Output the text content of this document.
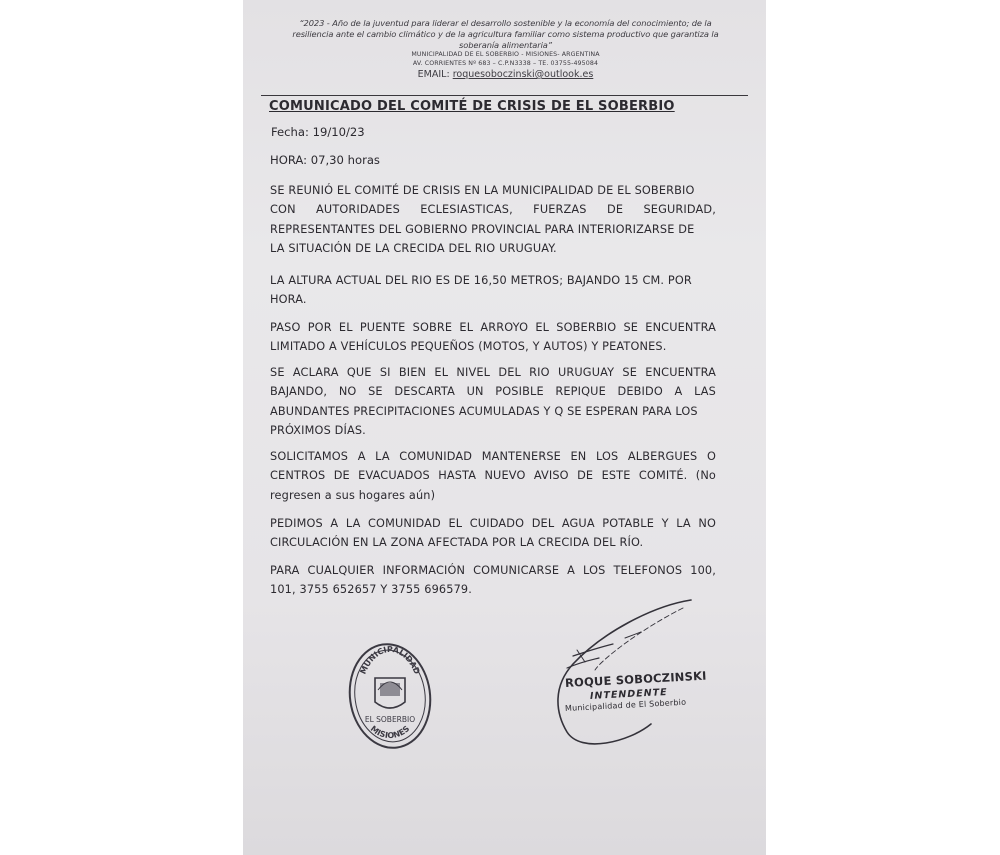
“2023 - Año de la juventud para liderar el desarrollo sostenible y la economía del conocimiento; de la
resiliencia ante el cambio climático y de la agricultura familiar como sistema productivo que garantiza la
soberanía alimentaria”
MUNICIPALIDAD DE EL SOBERBIO - MISIONES- ARGENTINA
AV. CORRIENTES Nº 683 – C.P.N3338 – TE. 03755-495084
EMAIL: roquesoboczinski@outlook.es
COMUNICADO DEL COMITÉ DE CRISIS DE EL SOBERBIO
Fecha: 19/10/23
HORA: 07,30 horas
SE REUNIÓ EL COMITÉ DE CRISIS EN LA MUNICIPALIDAD DE EL SOBERBIO
CON AUTORIDADES ECLESIASTICAS, FUERZAS DE SEGURIDAD,
REPRESENTANTES DEL GOBIERNO PROVINCIAL PARA INTERIORIZARSE DE
LA SITUACIÓN DE LA CRECIDA DEL RIO URUGUAY.
LA ALTURA ACTUAL DEL RIO ES DE 16,50 METROS; BAJANDO 15 CM. POR
HORA.
PASO POR EL PUENTE SOBRE EL ARROYO EL SOBERBIO SE ENCUENTRA
LIMITADO A VEHÍCULOS PEQUEÑOS (MOTOS, Y AUTOS) Y PEATONES.
SE ACLARA QUE SI BIEN EL NIVEL DEL RIO URUGUAY SE ENCUENTRA
BAJANDO, NO SE DESCARTA UN POSIBLE REPIQUE DEBIDO A LAS
ABUNDANTES PRECIPITACIONES ACUMULADAS Y Q SE ESPERAN PARA LOS
PRÓXIMOS DÍAS.
SOLICITAMOS A LA COMUNIDAD MANTENERSE EN LOS ALBERGUES O
CENTROS DE EVACUADOS HASTA NUEVO AVISO DE ESTE COMITÉ. (No
regresen a sus hogares aún)
PEDIMOS A LA COMUNIDAD EL CUIDADO DEL AGUA POTABLE Y LA NO
CIRCULACIÓN EN LA ZONA AFECTADA POR LA CRECIDA DEL RÍO.
PARA CUALQUIER INFORMACIÓN COMUNICARSE A LOS TELEFONOS 100,
101, 3755 652657 Y 3755 696579.
MUNICIPALIDAD
EL SOBERBIO
MISIONES
ROQUE SOBOCZINSKI
INTENDENTE
Municipalidad de El Soberbio
